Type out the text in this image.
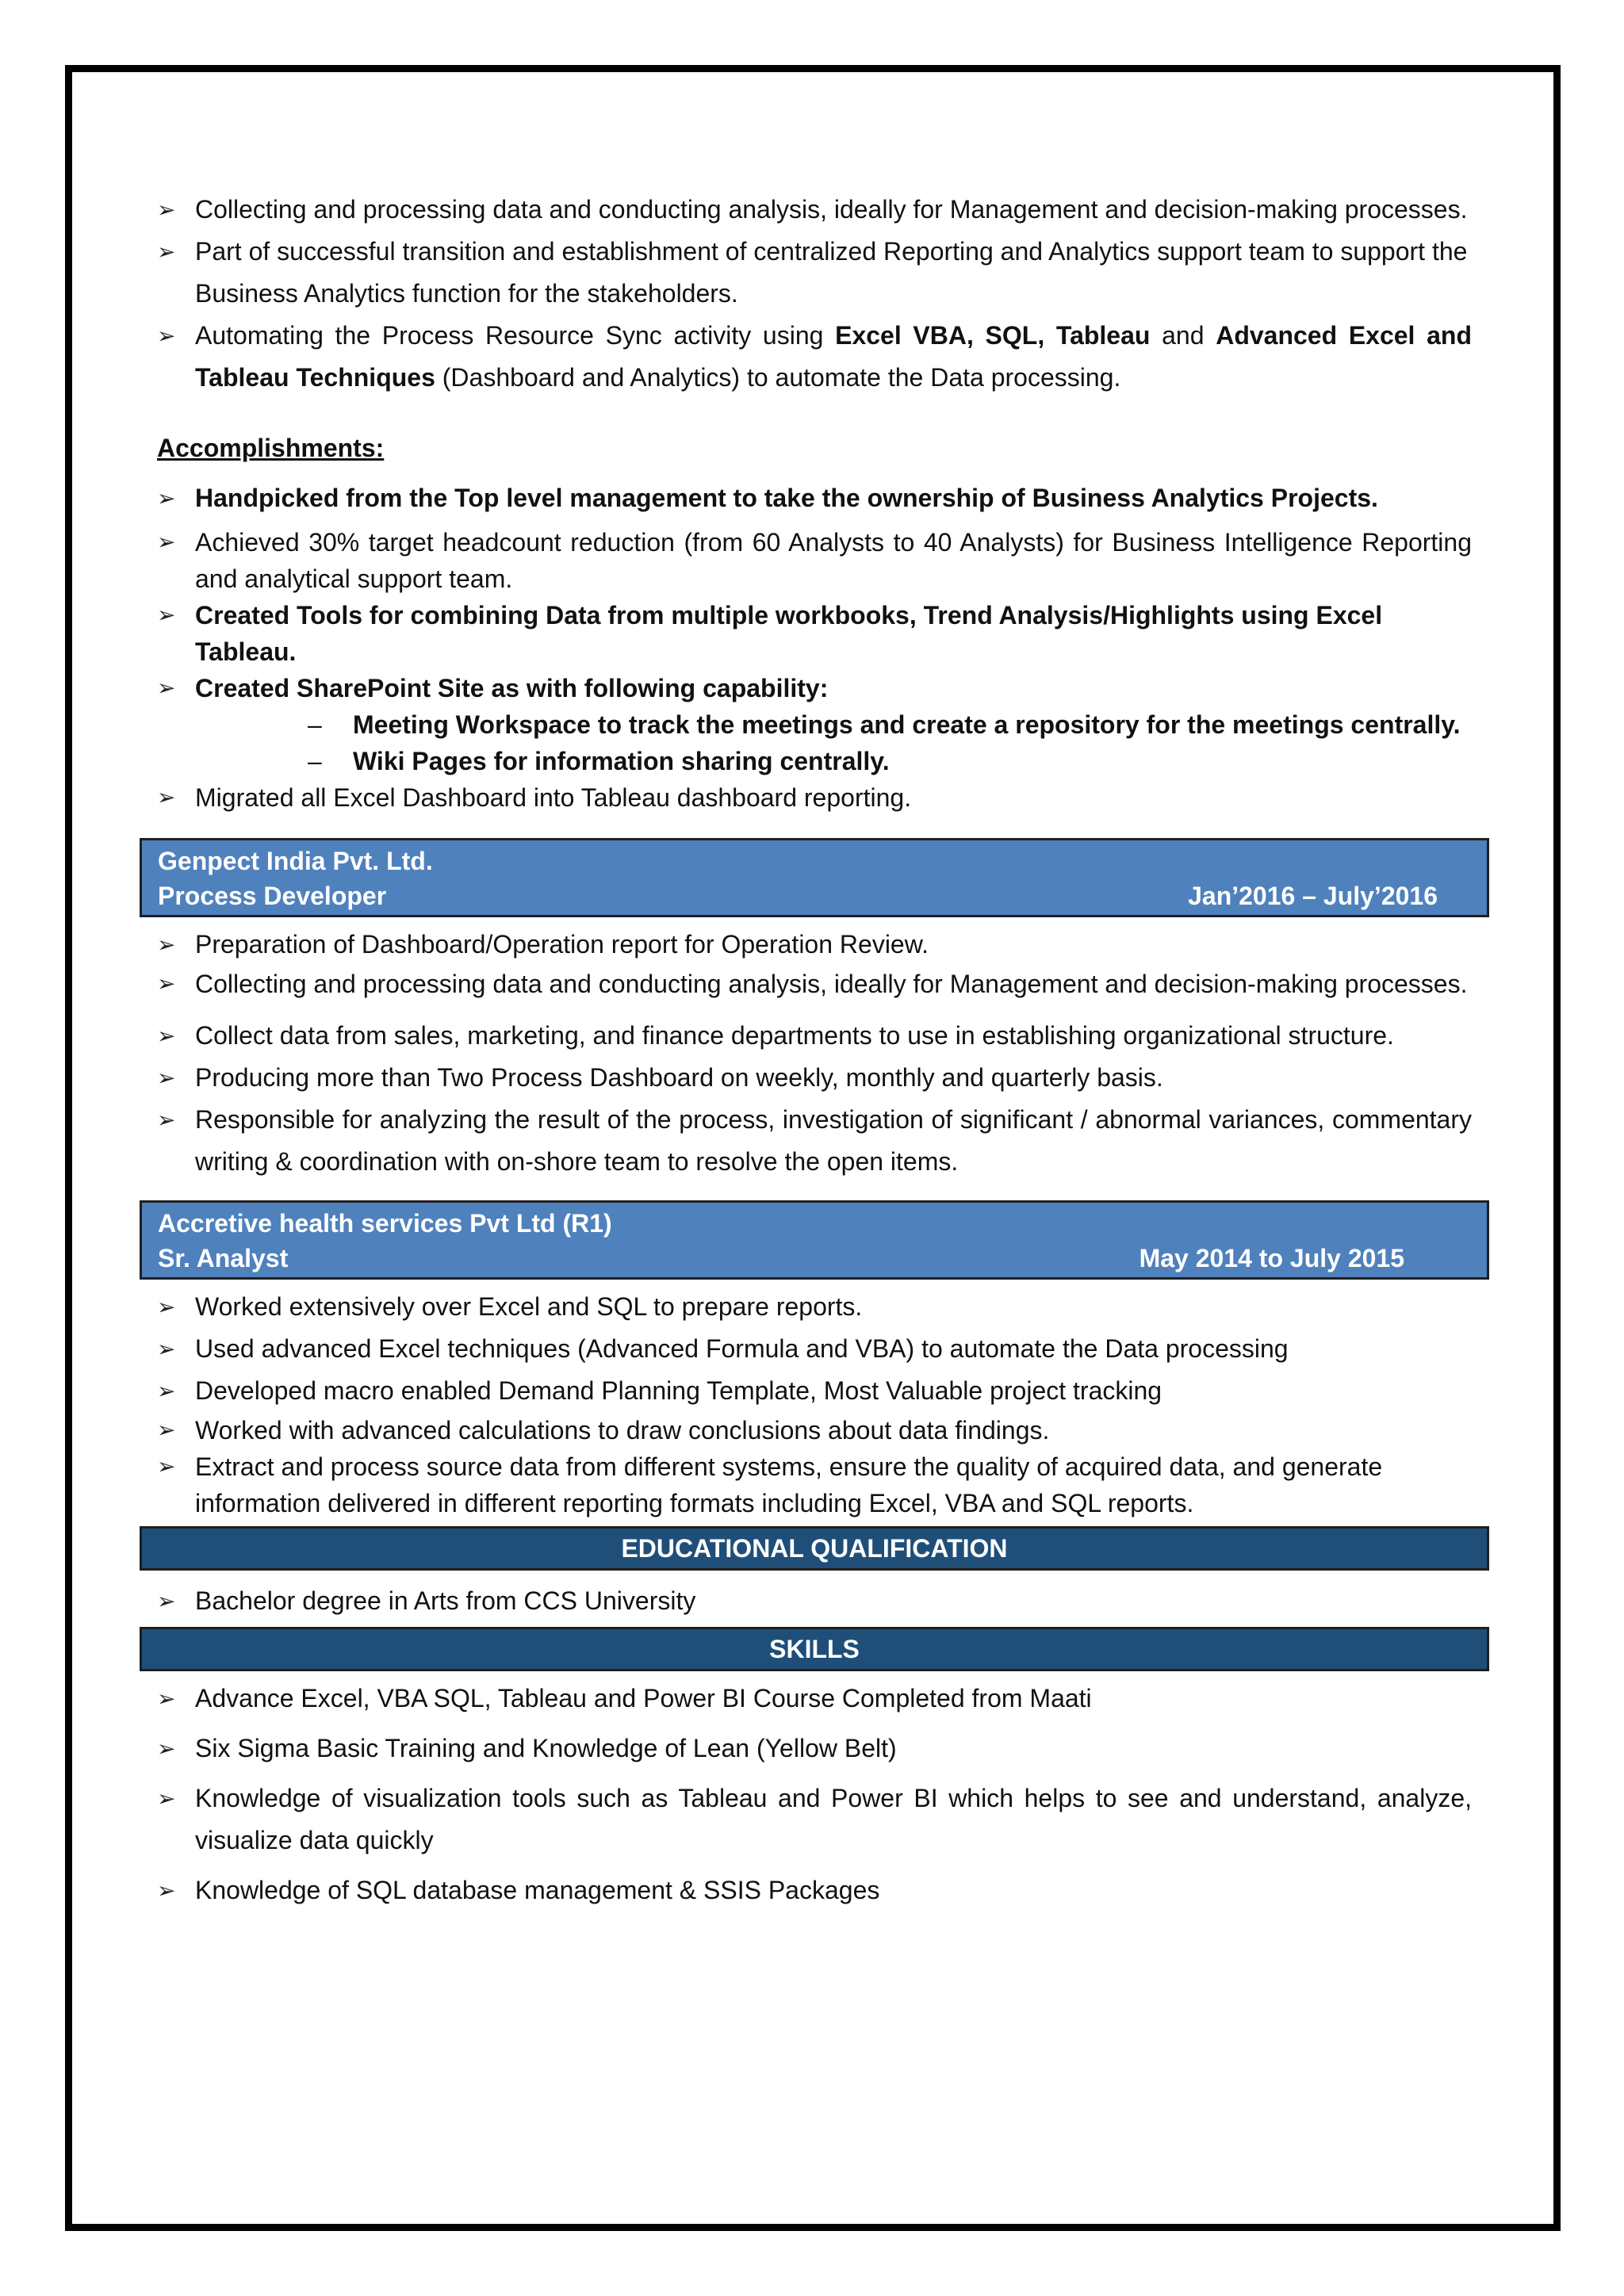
➢ Collecting and processing data and conducting analysis, ideally for Management and decision-making processes.
➢ Part of successful transition and establishment of centralized Reporting and Analytics support team to support the Business Analytics function for the stakeholders.
➢ Automating the Process Resource Sync activity using Excel VBA, SQL, Tableau and Advanced Excel and Tableau Techniques (Dashboard and Analytics) to automate the Data processing.
Accomplishments:
➢ Handpicked from the Top level management to take the ownership of Business Analytics Projects.
➢ Achieved 30% target headcount reduction (from 60 Analysts to 40 Analysts) for Business Intelligence Reporting and analytical support team.
➢ Created Tools for combining Data from multiple workbooks, Trend Analysis/Highlights using Excel Tableau.
➢ Created SharePoint Site as with following capability:
– Meeting Workspace to track the meetings and create a repository for the meetings centrally.
– Wiki Pages for information sharing centrally.
➢ Migrated all Excel Dashboard into Tableau dashboard reporting.
Genpect India Pvt. Ltd.
Process Developer	Jan’2016 – July’2016
➢ Preparation of Dashboard/Operation report for Operation Review.
➢ Collecting and processing data and conducting analysis, ideally for Management and decision-making processes.
➢ Collect data from sales, marketing, and finance departments to use in establishing organizational structure.
➢ Producing more than Two Process Dashboard on weekly, monthly and quarterly basis.
➢ Responsible for analyzing the result of the process, investigation of significant / abnormal variances, commentary writing & coordination with on-shore team to resolve the open items.
Accretive health services Pvt Ltd (R1)
Sr. Analyst	May 2014 to July 2015
➢ Worked extensively over Excel and SQL to prepare reports.
➢ Used advanced Excel techniques (Advanced Formula and VBA) to automate the Data processing
➢ Developed macro enabled Demand Planning Template, Most Valuable project tracking
➢ Worked with advanced calculations to draw conclusions about data findings.
➢ Extract and process source data from different systems, ensure the quality of acquired data, and generate information delivered in different reporting formats including Excel, VBA and SQL reports.
EDUCATIONAL QUALIFICATION
➢ Bachelor degree in Arts from CCS University
SKILLS
➢ Advance Excel, VBA SQL, Tableau and Power BI Course Completed from Maati
➢ Six Sigma Basic Training and Knowledge of Lean (Yellow Belt)
➢ Knowledge of visualization tools such as Tableau and Power BI which helps to see and understand, analyze, visualize data quickly
➢ Knowledge of SQL database management & SSIS Packages
